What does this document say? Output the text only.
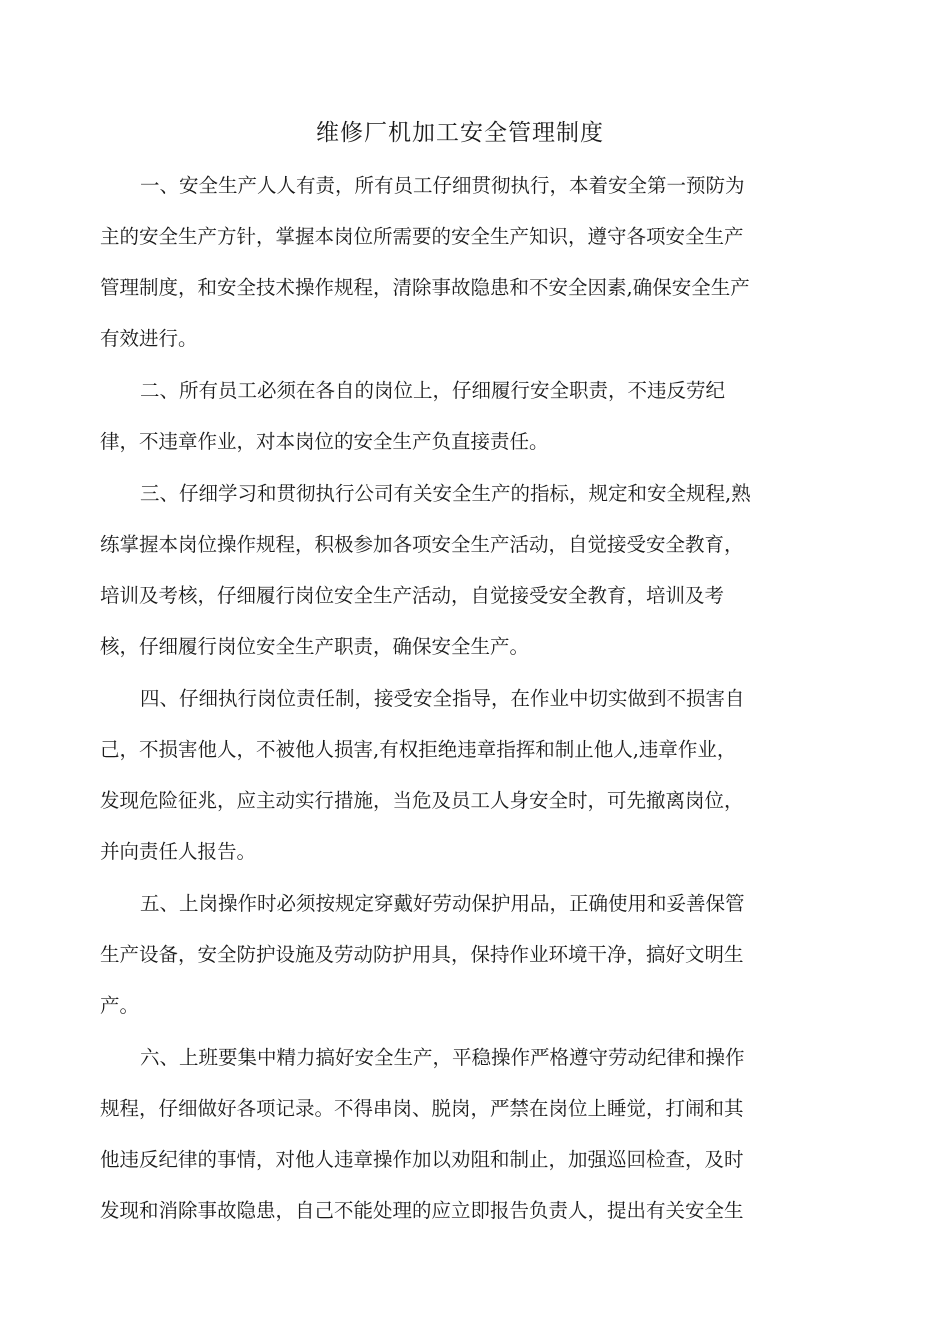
维修厂机加工安全管理制度
一、安全生产人人有责，所有员工仔细贯彻执行，本着安全第一预防为
主的安全生产方针，掌握本岗位所需要的安全生产知识，遵守各项安全生产
管理制度，和安全技术操作规程，清除事故隐患和不安全因素,确保安全生产
有效进行。
二、所有员工必须在各自的岗位上，仔细履行安全职责，不违反劳纪
律，不违章作业，对本岗位的安全生产负直接责任。
三、仔细学习和贯彻执行公司有关安全生产的指标，规定和安全规程,熟
练掌握本岗位操作规程，积极参加各项安全生产活动，自觉接受安全教育，
培训及考核，仔细履行岗位安全生产活动，自觉接受安全教育，培训及考
核，仔细履行岗位安全生产职责，确保安全生产。
四、仔细执行岗位责任制，接受安全指导，在作业中切实做到不损害自
己，不损害他人，不被他人损害,有权拒绝违章指挥和制止他人,违章作业，
发现危险征兆，应主动实行措施，当危及员工人身安全时，可先撤离岗位，
并向责任人报告。
五、上岗操作时必须按规定穿戴好劳动保护用品，正确使用和妥善保管
生产设备，安全防护设施及劳动防护用具，保持作业环境干净，搞好文明生
产。
六、上班要集中精力搞好安全生产，平稳操作严格遵守劳动纪律和操作
规程，仔细做好各项记录。不得串岗、脱岗，严禁在岗位上睡觉，打闹和其
他违反纪律的事情，对他人违章操作加以劝阻和制止，加强巡回检查，及时
发现和消除事故隐患，自己不能处理的应立即报告负责人，提出有关安全生
